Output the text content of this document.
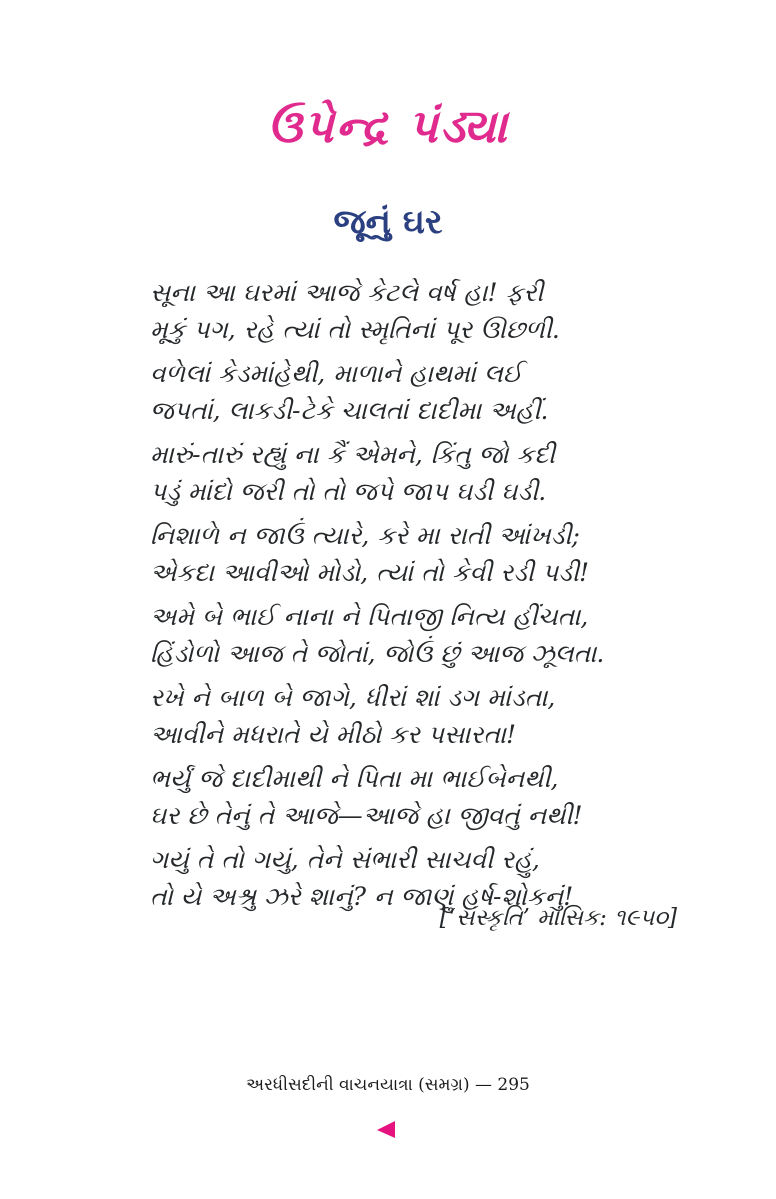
ઉપેન્દ્ર પંડ્યા
જૂનું ઘર
સૂના આ ઘરમાં આજે કેટલે વર્ષ હા! ફરી
મૂકું પગ, રહે ત્યાં તો સ્મૃતિનાં પૂર ઊછળી.
વળેલાં કેડમાંહેથી, માળાને હાથમાં લઈ
જપતાં, લાકડી-ટેકે ચાલતાં દાદીમા અહીં.
મારું-તારું રહ્યું ના કૈં એમને, કિંતુ જો કદી
પડું માંદો જરી તો તો જપે જાપ ઘડી ઘડી.
નિશાળે ન જાઉં ત્યારે, કરે મા રાતી આંખડી;
એકદા આવીઓ મોડો, ત્યાં તો કેવી રડી પડી!
અમે બે ભાઈ નાના ને પિતાજી નિત્ય હીંચતા,
હિંડોળો આજ તે જોતાં, જોઉં છું આજ ઝૂલતા.
રખે ને બાળ બે જાગે, ધીરાં શાં ડગ માંડતા,
આવીને મધરાતે યે મીઠો કર પસારતા!
ભર્યું જે દાદીમાથી ને પિતા મા ભાઈબેનથી,
ઘર છે તેનું તે આજે—આજે હા જીવતું નથી!
ગયું તે તો ગયું, તેને સંભારી સાચવી રહું,
તો યે અશ્રુ ઝરે શાનું? ન જાણું હર્ષ-શોકનું!
[‘સંસ્કૃતિ’ માસિક: ૧૯૫૦]
અરધીસદીની વાચનયાત્રા (સમગ્ર) — 295
